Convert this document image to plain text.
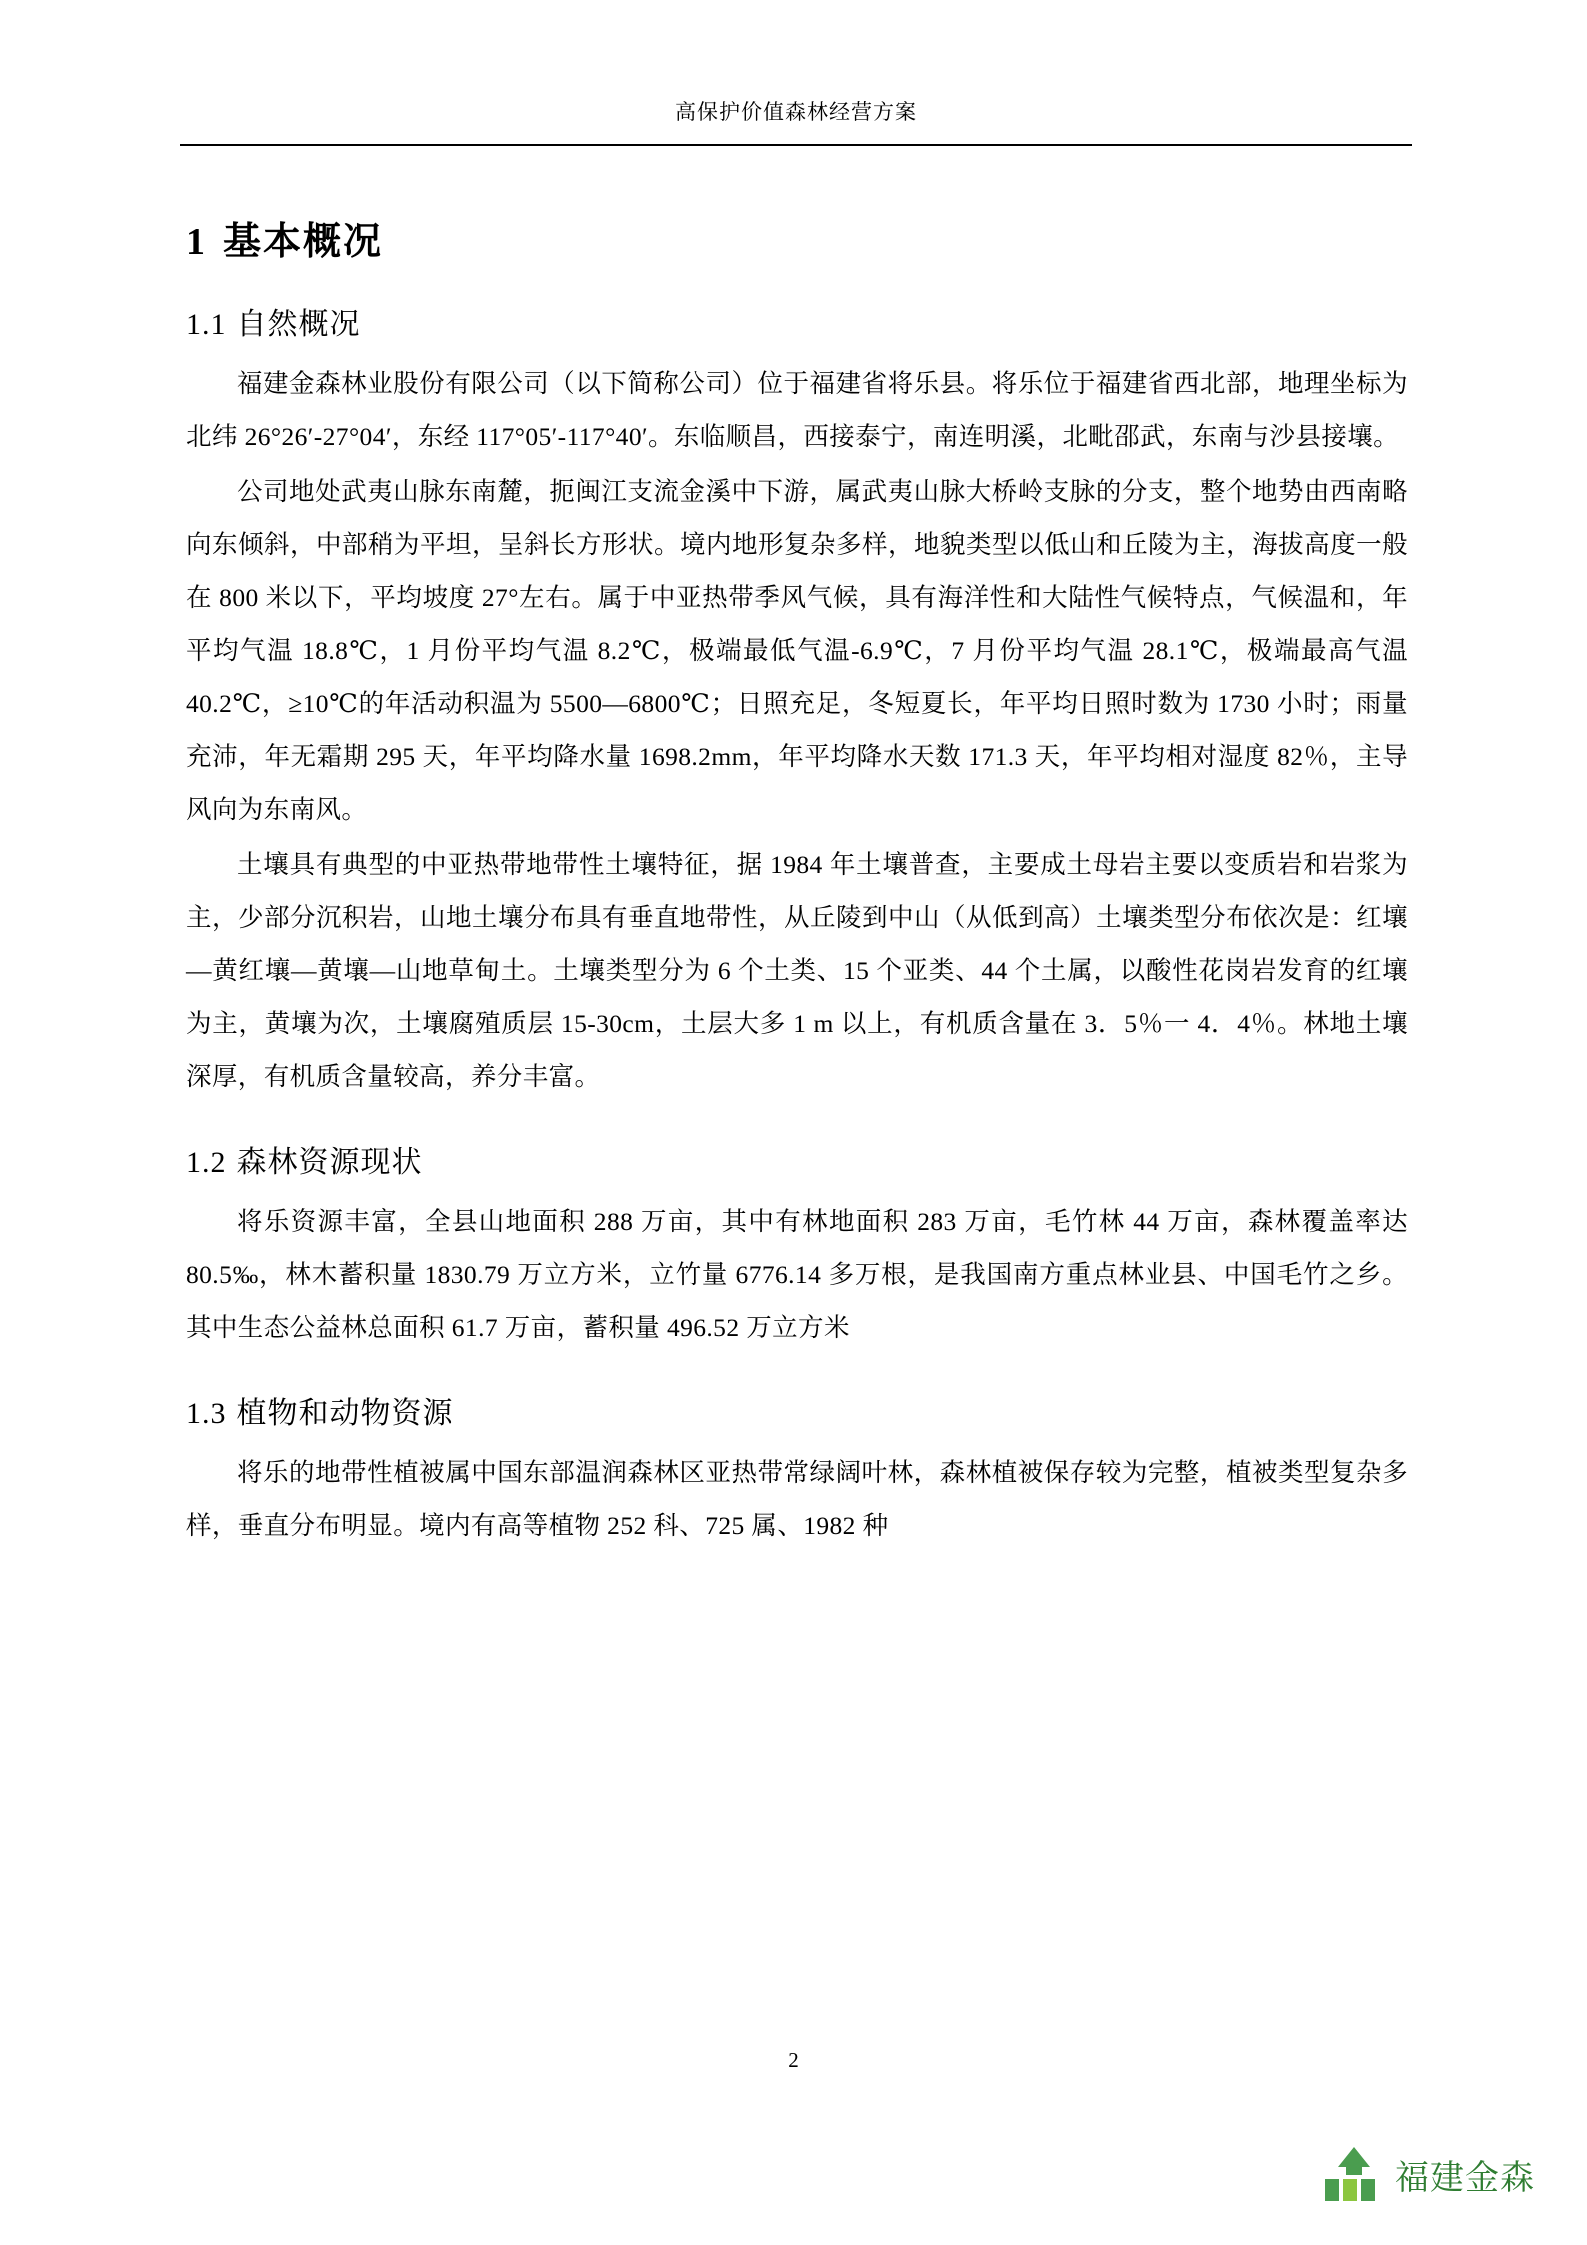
高保护价值森林经营方案
1 基本概况
1.1 自然概况

福建金森林业股份有限公司（以下简称公司）位于福建省将乐县。将乐位于福建省西北部，地理坐标为北纬 26°26′-27°04′，东经 117°05′-117°40′。东临顺昌，西接泰宁，南连明溪，北毗邵武，东南与沙县接壤。

公司地处武夷山脉东南麓，扼闽江支流金溪中下游，属武夷山脉大桥岭支脉的分支，整个地势由西南略向东倾斜，中部稍为平坦，呈斜长方形状。境内地形复杂多样，地貌类型以低山和丘陵为主，海拔高度一般在 800 米以下，平均坡度 27°左右。属于中亚热带季风气候，具有海洋性和大陆性气候特点，气候温和，年平均气温 18.8℃，1 月份平均气温 8.2℃，极端最低气温-6.9℃，7 月份平均气温 28.1℃，极端最高气温 40.2℃，≥10℃的年活动积温为 5500—6800℃；日照充足，冬短夏长，年平均日照时数为 1730 小时；雨量充沛，年无霜期 295 天，年平均降水量 1698.2mm，年平均降水天数 171.3 天，年平均相对湿度 82％，主导风向为东南风。

土壤具有典型的中亚热带地带性土壤特征，据 1984 年土壤普查，主要成土母岩主要以变质岩和岩浆为主，少部分沉积岩，山地土壤分布具有垂直地带性，从丘陵到中山（从低到高）土壤类型分布依次是：红壤—黄红壤—黄壤—山地草甸土。土壤类型分为 6 个土类、15 个亚类、44 个土属，以酸性花岗岩发育的红壤为主，黄壤为次，土壤腐殖质层 15-30cm，土层大多 1 m 以上，有机质含量在 3．5％一 4．4％。林地土壤深厚，有机质含量较高，养分丰富。

1.2 森林资源现状

将乐资源丰富，全县山地面积 288 万亩，其中有林地面积 283 万亩，毛竹林 44 万亩，森林覆盖率达 80.5‰，林木蓄积量 1830.79 万立方米，立竹量 6776.14 多万根，是我国南方重点林业县、中国毛竹之乡。其中生态公益林总面积 61.7 万亩，蓄积量 496.52 万立方米

1.3 植物和动物资源

将乐的地带性植被属中国东部温润森林区亚热带常绿阔叶林，森林植被保存较为完整，植被类型复杂多样，垂直分布明显。境内有高等植物 252 科、725 属、1982 种

2
福建金森
